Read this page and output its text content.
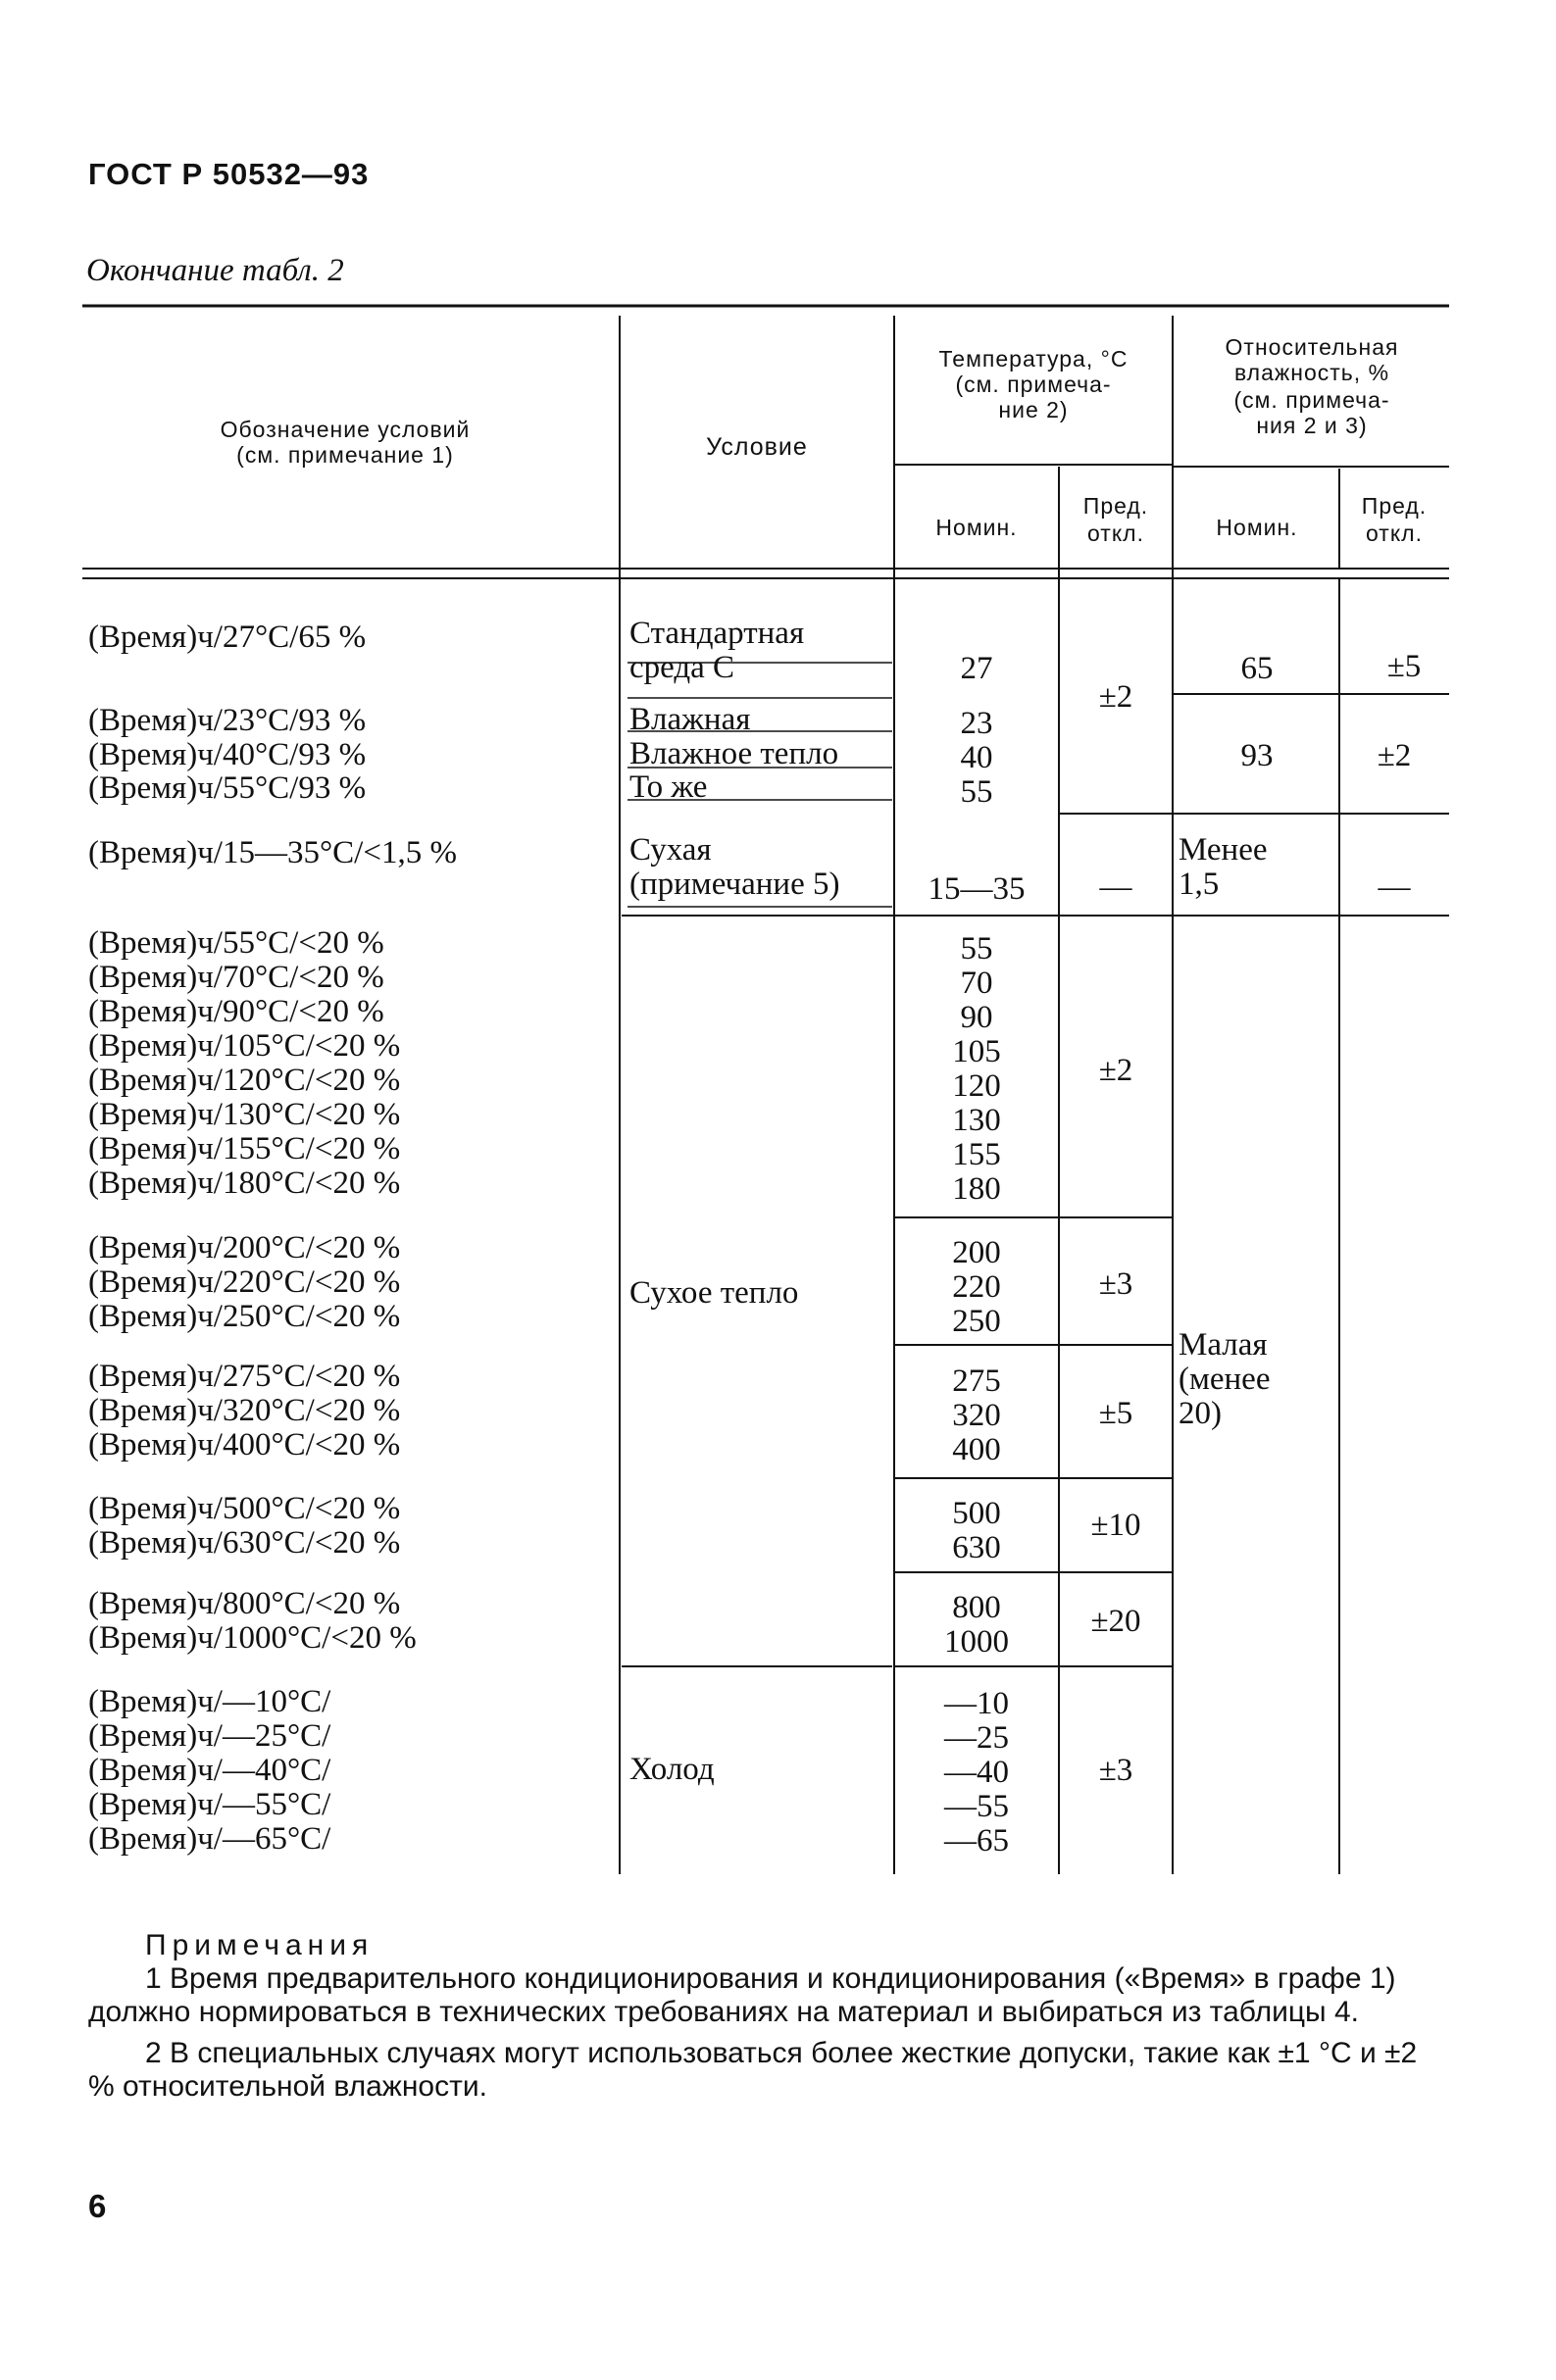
ГОСТ Р 50532—93
Окончание табл. 2
Обозначение условий
(см. примечание 1)	Условие
Температура, °С
(см. примеча-
ние 2)
Относительная
влажность, %
(см. примеча-
ния 2 и 3)
Номин.
Пред.
откл.	Номин.
Пред.
откл.
(Время)ч/27°С/65 %
(Время)ч/23°С/93 %
(Время)ч/40°С/93 %
(Время)ч/55°С/93 %
(Время)ч/15—35°С/<1,5 %
(Время)ч/55°С/<20 %
(Время)ч/70°С/<20 %
(Время)ч/90°С/<20 %
(Время)ч/105°С/<20 %
(Время)ч/120°С/<20 %
(Время)ч/130°С/<20 %
(Время)ч/155°С/<20 %
(Время)ч/180°С/<20 %
(Время)ч/200°С/<20 %
(Время)ч/220°С/<20 %
(Время)ч/250°С/<20 %
(Время)ч/275°С/<20 %
(Время)ч/320°С/<20 %
(Время)ч/400°С/<20 %
(Время)ч/500°С/<20 %
(Время)ч/630°С/<20 %
(Время)ч/800°С/<20 %
(Время)ч/1000°С/<20 %
(Время)ч/—10°С/
(Время)ч/—25°С/
(Время)ч/—40°С/
(Время)ч/—55°С/
(Время)ч/—65°С/
Стандартная
среда С
Влажная
Влажное тепло
То же
Сухая
(примечание 5)
Сухое тепло
Холод
27
23
40
55
15—35
55
70
90
105
120
130
155
180
200
220
250
275
320
400
500
630
800
1000
—10
—25
—40
—55
—65
±2
—
±2
±3
±5
±10
±20
±3
65
93
Менее
1,5
Малая
(менее
20)
±5
±2
—
Примечания

1 Время предварительного кондиционирования и кондиционирования («Время» в графе 1) должно нормироваться в технических требованиях на материал и выбираться из таблицы 4.

2 В специальных случаях могут использоваться более жесткие допуски, такие как ±1 °С и ±2 % относительной влажности.

6
